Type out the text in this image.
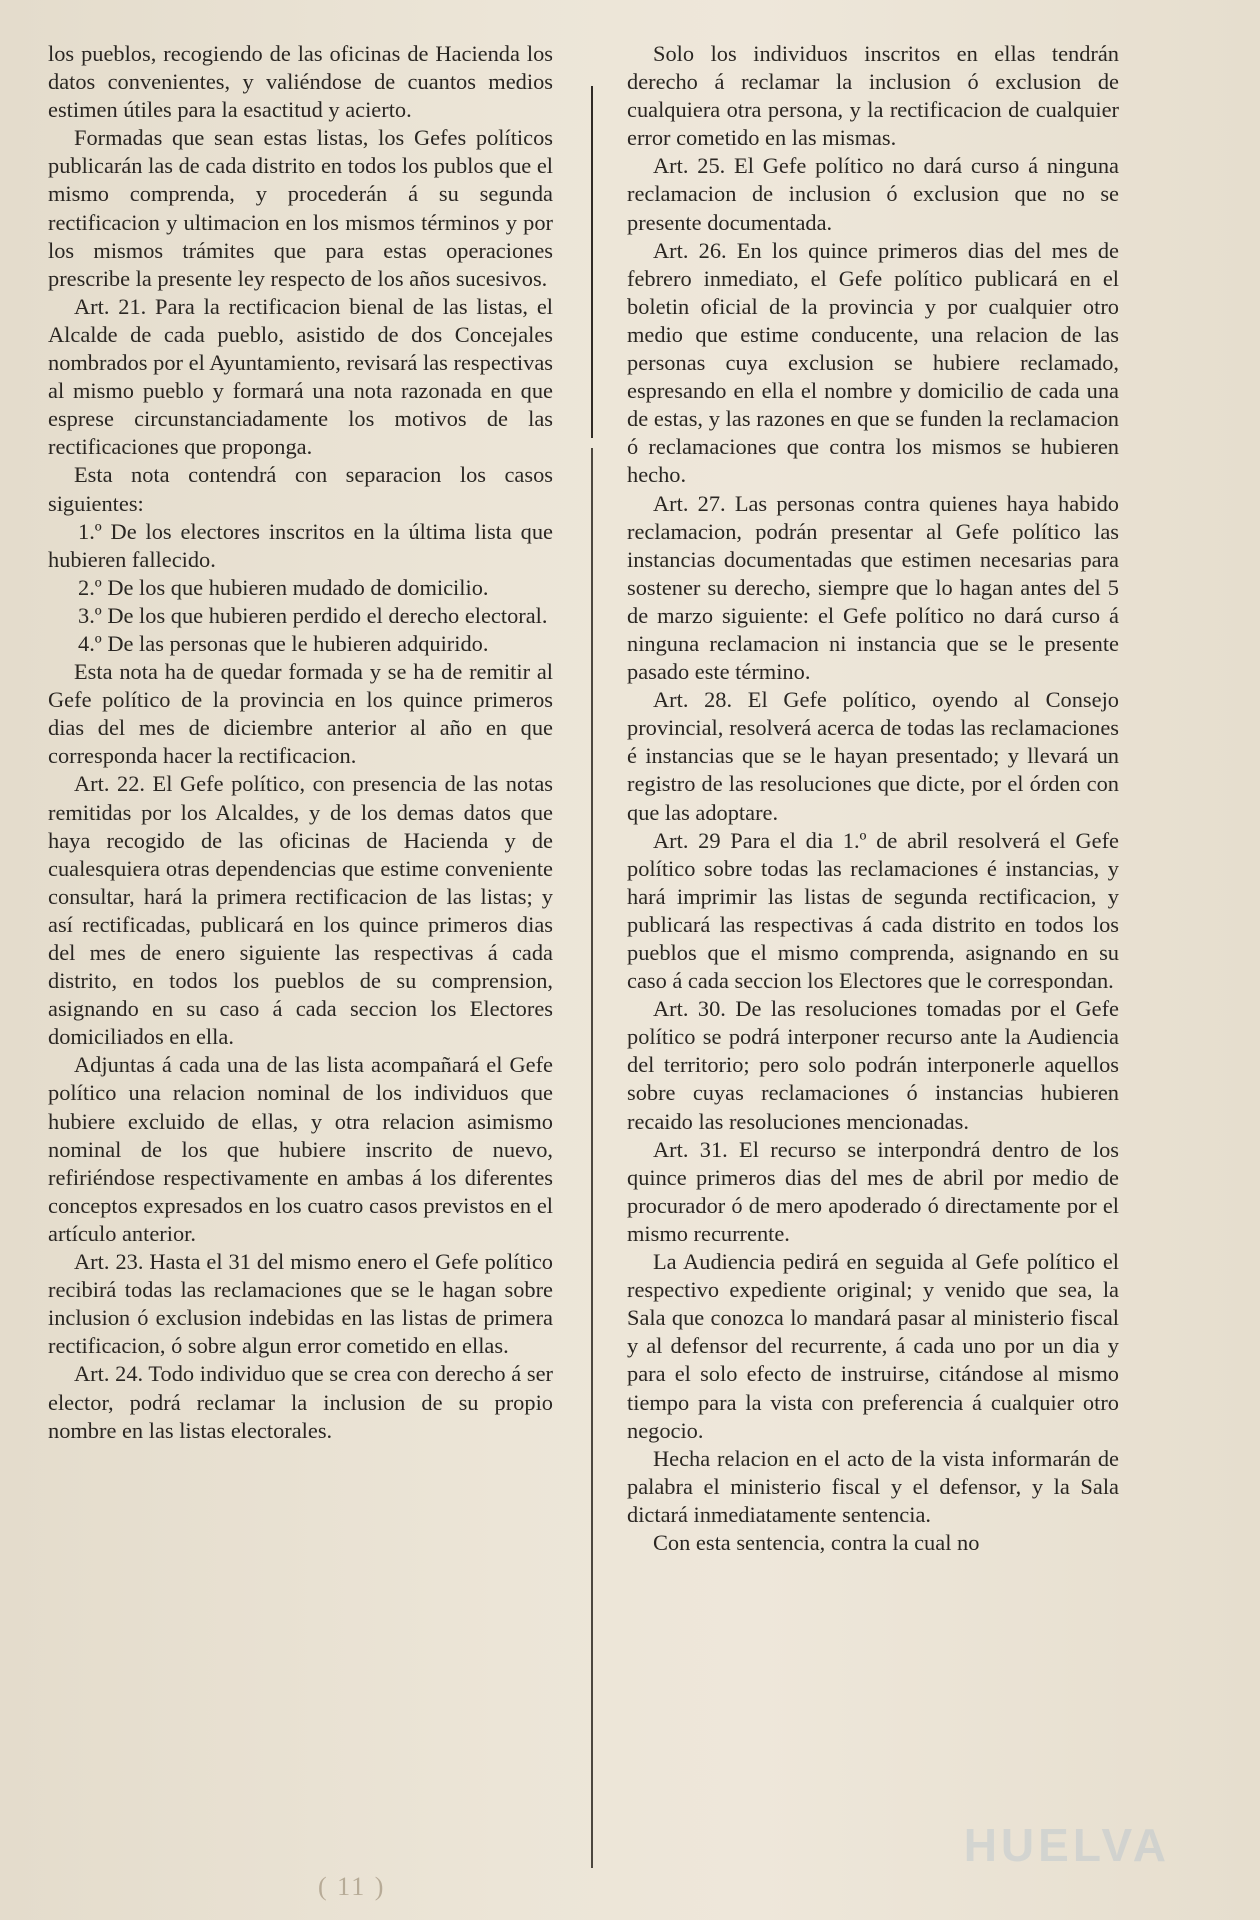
los pueblos, recogiendo de las oficinas de Hacienda los datos convenientes, y valiéndose de cuantos medios estimen útiles para la esactitud y acierto.

Formadas que sean estas listas, los Gefes políticos publicarán las de cada distrito en todos los publos que el mismo comprenda, y procederán á su segunda rectificacion y ultimacion en los mismos términos y por los mismos trámites que para estas operaciones prescribe la presente ley respecto de los años sucesivos.

Art. 21. Para la rectificacion bienal de las listas, el Alcalde de cada pueblo, asistido de dos Concejales nombrados por el Ayuntamiento, revisará las respectivas al mismo pueblo y formará una nota razonada en que esprese circunstanciadamente los motivos de las rectificaciones que proponga.

Esta nota contendrá con separacion los casos siguientes:

1.º De los electores inscritos en la última lista que hubieren fallecido.

2.º De los que hubieren mudado de domicilio.

3.º De los que hubieren perdido el derecho electoral.

4.º De las personas que le hubieren adquirido.

Esta nota ha de quedar formada y se ha de remitir al Gefe político de la provincia en los quince primeros dias del mes de diciembre anterior al año en que corresponda hacer la rectificacion.

Art. 22. El Gefe político, con presencia de las notas remitidas por los Alcaldes, y de los demas datos que haya recogido de las oficinas de Hacienda y de cualesquiera otras dependencias que estime conveniente consultar, hará la primera rectificacion de las listas; y así rectificadas, publicará en los quince primeros dias del mes de enero siguiente las respectivas á cada distrito, en todos los pueblos de su comprension, asignando en su caso á cada seccion los Electores domiciliados en ella.

Adjuntas á cada una de las lista acompañará el Gefe político una relacion nominal de los individuos que hubiere excluido de ellas, y otra relacion asimismo nominal de los que hubiere inscrito de nuevo, refiriéndose respectivamente en ambas á los diferentes conceptos expresados en los cuatro casos previstos en el artículo anterior.

Art. 23. Hasta el 31 del mismo enero el Gefe político recibirá todas las reclamaciones que se le hagan sobre inclusion ó exclusion indebidas en las listas de primera rectificacion, ó sobre algun error cometido en ellas.

Art. 24. Todo individuo que se crea con derecho á ser elector, podrá reclamar la inclusion de su propio nombre en las listas electorales.

Solo los individuos inscritos en ellas tendrán derecho á reclamar la inclusion ó exclusion de cualquiera otra persona, y la rectificacion de cualquier error cometido en las mismas.

Art. 25. El Gefe político no dará curso á ninguna reclamacion de inclusion ó exclusion que no se presente documentada.

Art. 26. En los quince primeros dias del mes de febrero inmediato, el Gefe político publicará en el boletin oficial de la provincia y por cualquier otro medio que estime conducente, una relacion de las personas cuya exclusion se hubiere reclamado, espresando en ella el nombre y domicilio de cada una de estas, y las razones en que se funden la reclamacion ó reclamaciones que contra los mismos se hubieren hecho.

Art. 27. Las personas contra quienes haya habido reclamacion, podrán presentar al Gefe político las instancias documentadas que estimen necesarias para sostener su derecho, siempre que lo hagan antes del 5 de marzo siguiente: el Gefe político no dará curso á ninguna reclamacion ni instancia que se le presente pasado este término.

Art. 28. El Gefe político, oyendo al Consejo provincial, resolverá acerca de todas las reclamaciones é instancias que se le hayan presentado; y llevará un registro de las resoluciones que dicte, por el órden con que las adoptare.

Art. 29 Para el dia 1.º de abril resolverá el Gefe político sobre todas las reclamaciones é instancias, y hará imprimir las listas de segunda rectificacion, y publicará las respectivas á cada distrito en todos los pueblos que el mismo comprenda, asignando en su caso á cada seccion los Electores que le correspondan.

Art. 30. De las resoluciones tomadas por el Gefe político se podrá interponer recurso ante la Audiencia del territorio; pero solo podrán interponerle aquellos sobre cuyas reclamaciones ó instancias hubieren recaido las resoluciones mencionadas.

Art. 31. El recurso se interpondrá dentro de los quince primeros dias del mes de abril por medio de procurador ó de mero apoderado ó directamente por el mismo recurrente.

La Audiencia pedirá en seguida al Gefe político el respectivo expediente original; y venido que sea, la Sala que conozca lo mandará pasar al ministerio fiscal y al defensor del recurrente, á cada uno por un dia y para el solo efecto de instruirse, citándose al mismo tiempo para la vista con preferencia á cualquier otro negocio.

Hecha relacion en el acto de la vista informarán de palabra el ministerio fiscal y el defensor, y la Sala dictará inmediatamente sentencia.

Con esta sentencia, contra la cual no

( 11 )
HUELVA
